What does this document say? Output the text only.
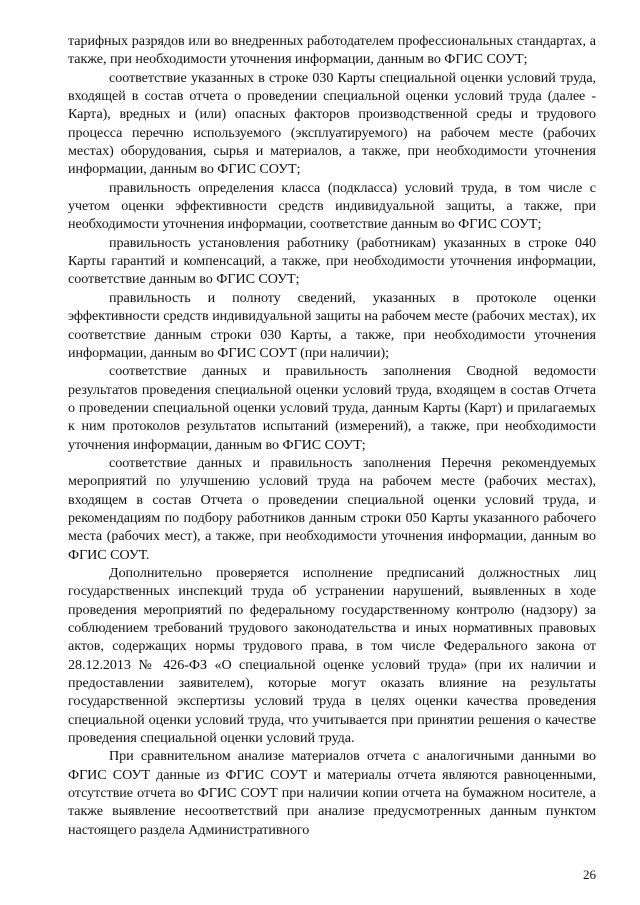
тарифных разрядов или во внедренных работодателем профессиональных стандартах, а также, при необходимости уточнения информации, данным во ФГИС СОУТ;

соответствие указанных в строке 030 Карты специальной оценки условий труда, входящей в состав отчета о проведении специальной оценки условий труда (далее - Карта), вредных и (или) опасных факторов производственной среды и трудового процесса перечню используемого (эксплуатируемого) на рабочем месте (рабочих местах) оборудования, сырья и материалов, а также, при необходимости уточнения информации, данным во ФГИС СОУТ;

правильность определения класса (подкласса) условий труда, в том числе с учетом оценки эффективности средств индивидуальной защиты, а также, при необходимости уточнения информации, соответствие данным во ФГИС СОУТ;

правильность установления работнику (работникам) указанных в строке 040 Карты гарантий и компенсаций, а также, при необходимости уточнения информации, соответствие данным во ФГИС СОУТ;

правильность и полноту сведений, указанных в протоколе оценки эффективности средств индивидуальной защиты на рабочем месте (рабочих местах), их соответствие данным строки 030 Карты, а также, при необходимости уточнения информации, данным во ФГИС СОУТ (при наличии);

соответствие данных и правильность заполнения Сводной ведомости результатов проведения специальной оценки условий труда, входящем в состав Отчета о проведении специальной оценки условий труда, данным Карты (Карт) и прилагаемых к ним протоколов результатов испытаний (измерений), а также, при необходимости уточнения информации, данным во ФГИС СОУТ;

соответствие данных и правильность заполнения Перечня рекомендуемых мероприятий по улучшению условий труда на рабочем месте (рабочих местах), входящем в состав Отчета о проведении специальной оценки условий труда, и рекомендациям по подбору работников данным строки 050 Карты указанного рабочего места (рабочих мест), а также, при необходимости уточнения информации, данным во ФГИС СОУТ.

Дополнительно проверяется исполнение предписаний должностных лиц государственных инспекций труда об устранении нарушений, выявленных в ходе проведения мероприятий по федеральному государственному контролю (надзору) за соблюдением требований трудового законодательства и иных нормативных правовых актов, содержащих нормы трудового права, в том числе Федерального закона от 28.12.2013 № 426-ФЗ «О специальной оценке условий труда» (при их наличии и предоставлении заявителем), которые могут оказать влияние на результаты государственной экспертизы условий труда в целях оценки качества проведения специальной оценки условий труда, что учитывается при принятии решения о качестве проведения специальной оценки условий труда.

При сравнительном анализе материалов отчета с аналогичными данными во ФГИС СОУТ данные из ФГИС СОУТ и материалы отчета являются равноценными, отсутствие отчета во ФГИС СОУТ при наличии копии отчета на бумажном носителе, а также выявление несоответствий при анализе предусмотренных данным пунктом настоящего раздела Административного

26
